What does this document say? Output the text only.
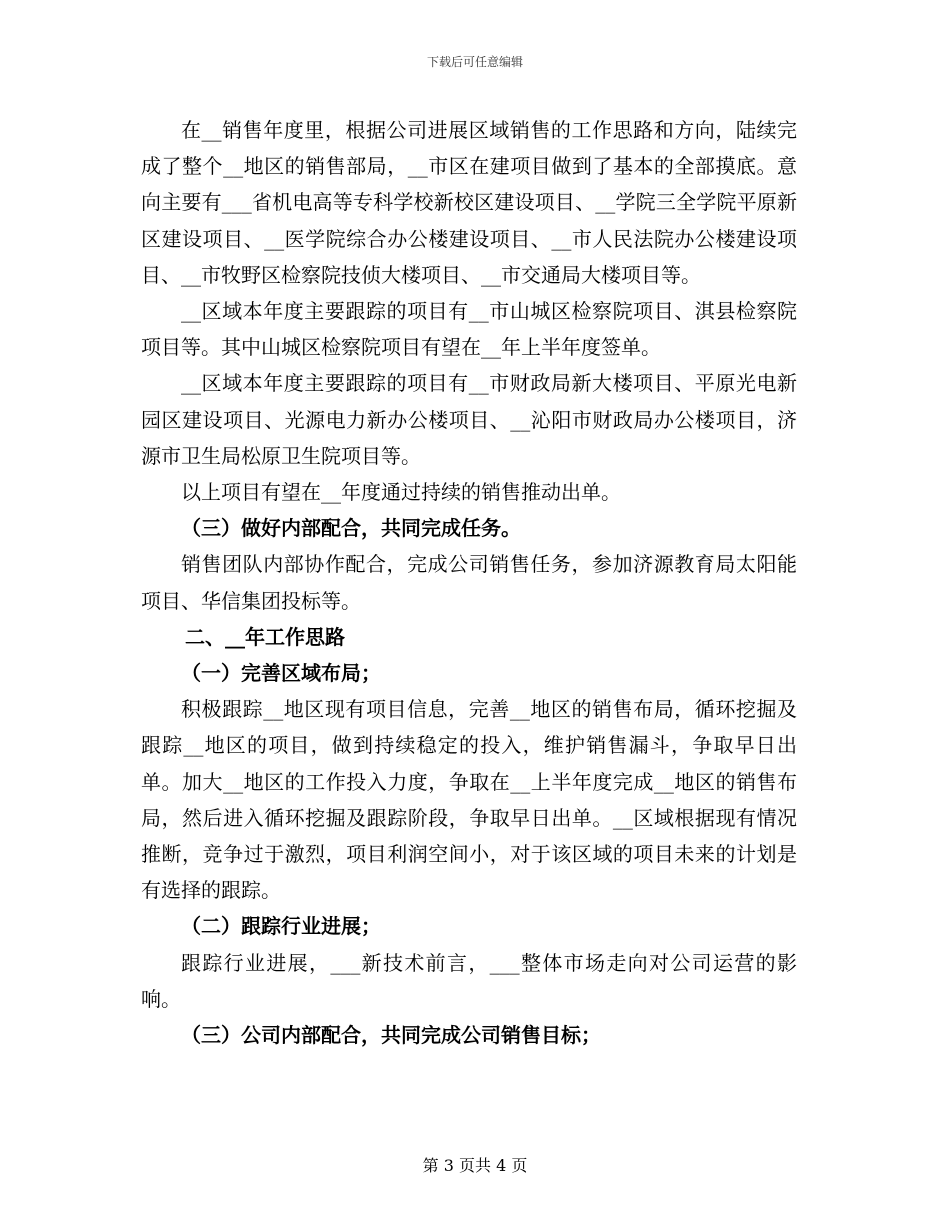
下载后可任意编辑

在__销售年度里，根据公司进展区域销售的工作思路和方向，陆续完成了整个__地区的销售部局，__市区在建项目做到了基本的全部摸底。意向主要有___省机电高等专科学校新校区建设项目、__学院三全学院平原新区建设项目、__医学院综合办公楼建设项目、__市人民法院办公楼建设项目、__市牧野区检察院技侦大楼项目、__市交通局大楼项目等。

__区域本年度主要跟踪的项目有__市山城区检察院项目、淇县检察院项目等。其中山城区检察院项目有望在__年上半年度签单。

__区域本年度主要跟踪的项目有__市财政局新大楼项目、平原光电新园区建设项目、光源电力新办公楼项目、__沁阳市财政局办公楼项目，济源市卫生局松原卫生院项目等。

以上项目有望在__年度通过持续的销售推动出单。

（三）做好内部配合，共同完成任务。

销售团队内部协作配合，完成公司销售任务，参加济源教育局太阳能项目、华信集团投标等。

二、__年工作思路

（一）完善区域布局；

积极跟踪__地区现有项目信息，完善__地区的销售布局，循环挖掘及跟踪__地区的项目，做到持续稳定的投入，维护销售漏斗，争取早日出单。加大__地区的工作投入力度，争取在__上半年度完成__地区的销售布局，然后进入循环挖掘及跟踪阶段，争取早日出单。__区域根据现有情况推断，竞争过于激烈，项目利润空间小，对于该区域的项目未来的计划是有选择的跟踪。

（二）跟踪行业进展；

跟踪行业进展，___新技术前言，___整体市场走向对公司运营的影响。

（三）公司内部配合，共同完成公司销售目标；

第 3 页共 4 页
